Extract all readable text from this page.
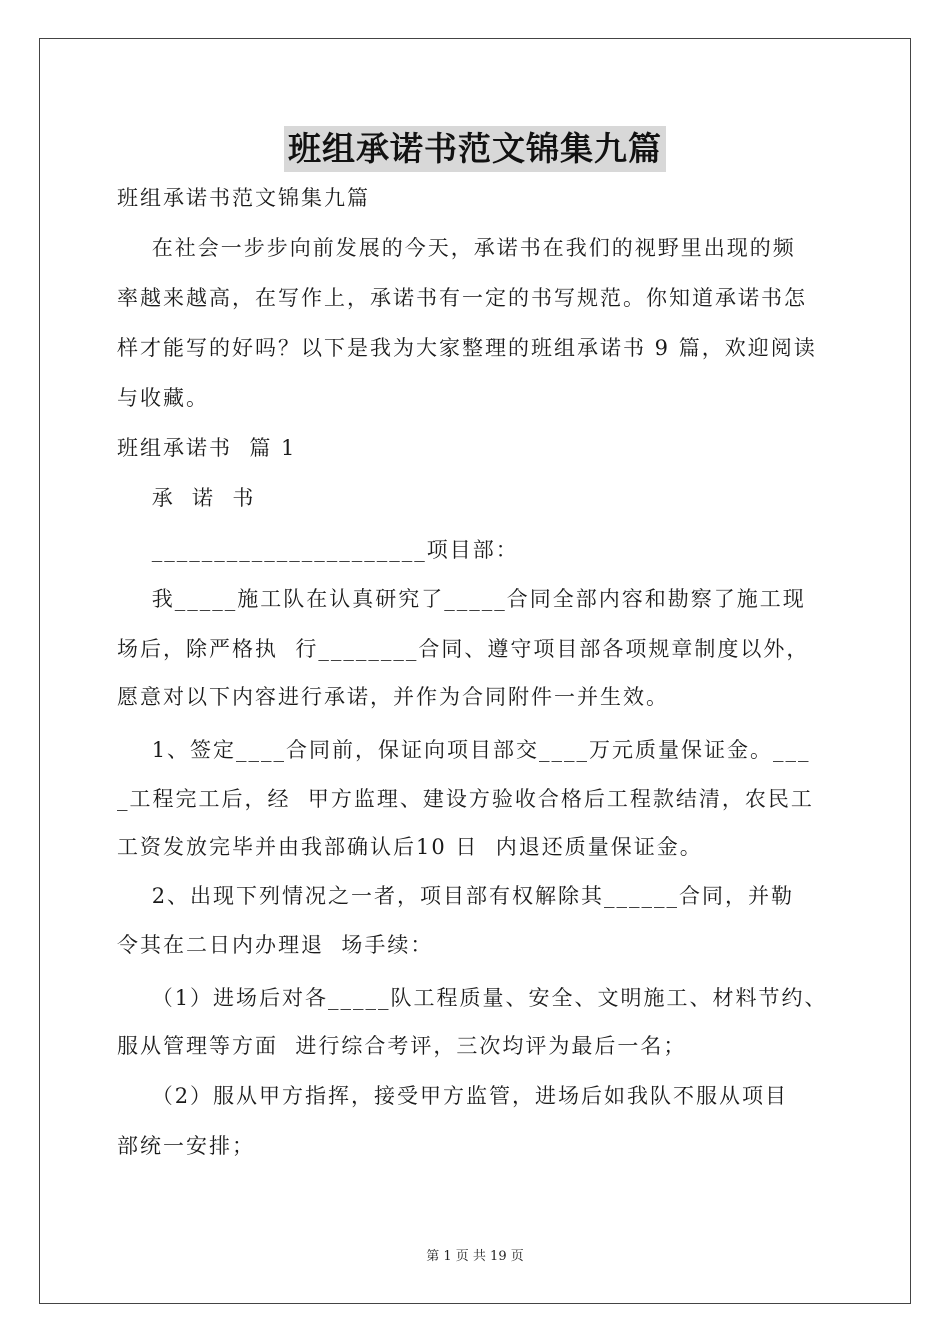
班组承诺书范文锦集九篇
班组承诺书范文锦集九篇
在社会一步步向前发展的今天，承诺书在我们的视野里出现的频
率越来越高，在写作上，承诺书有一定的书写规范。你知道承诺书怎
样才能写的好吗？以下是我为大家整理的班组承诺书 9 篇，欢迎阅读
与收藏。
班组承诺书  篇 1
承  诺  书
______________________项目部：
我_____施工队在认真研究了_____合同全部内容和勘察了施工现
场后，除严格执  行________合同、遵守项目部各项规章制度以外，
愿意对以下内容进行承诺，并作为合同附件一并生效。
1、签定____合同前，保证向项目部交____万元质量保证金。___
_工程完工后，经  甲方监理、建设方验收合格后工程款结清，农民工
工资发放完毕并由我部确认后10 日  内退还质量保证金。
2、出现下列情况之一者，项目部有权解除其______合同，并勒
令其在二日内办理退  场手续：
（1）进场后对各_____队工程质量、安全、文明施工、材料节约、
服从管理等方面  进行综合考评，三次均评为最后一名；
（2）服从甲方指挥，接受甲方监管，进场后如我队不服从项目
部统一安排；
第 1 页 共 19 页
